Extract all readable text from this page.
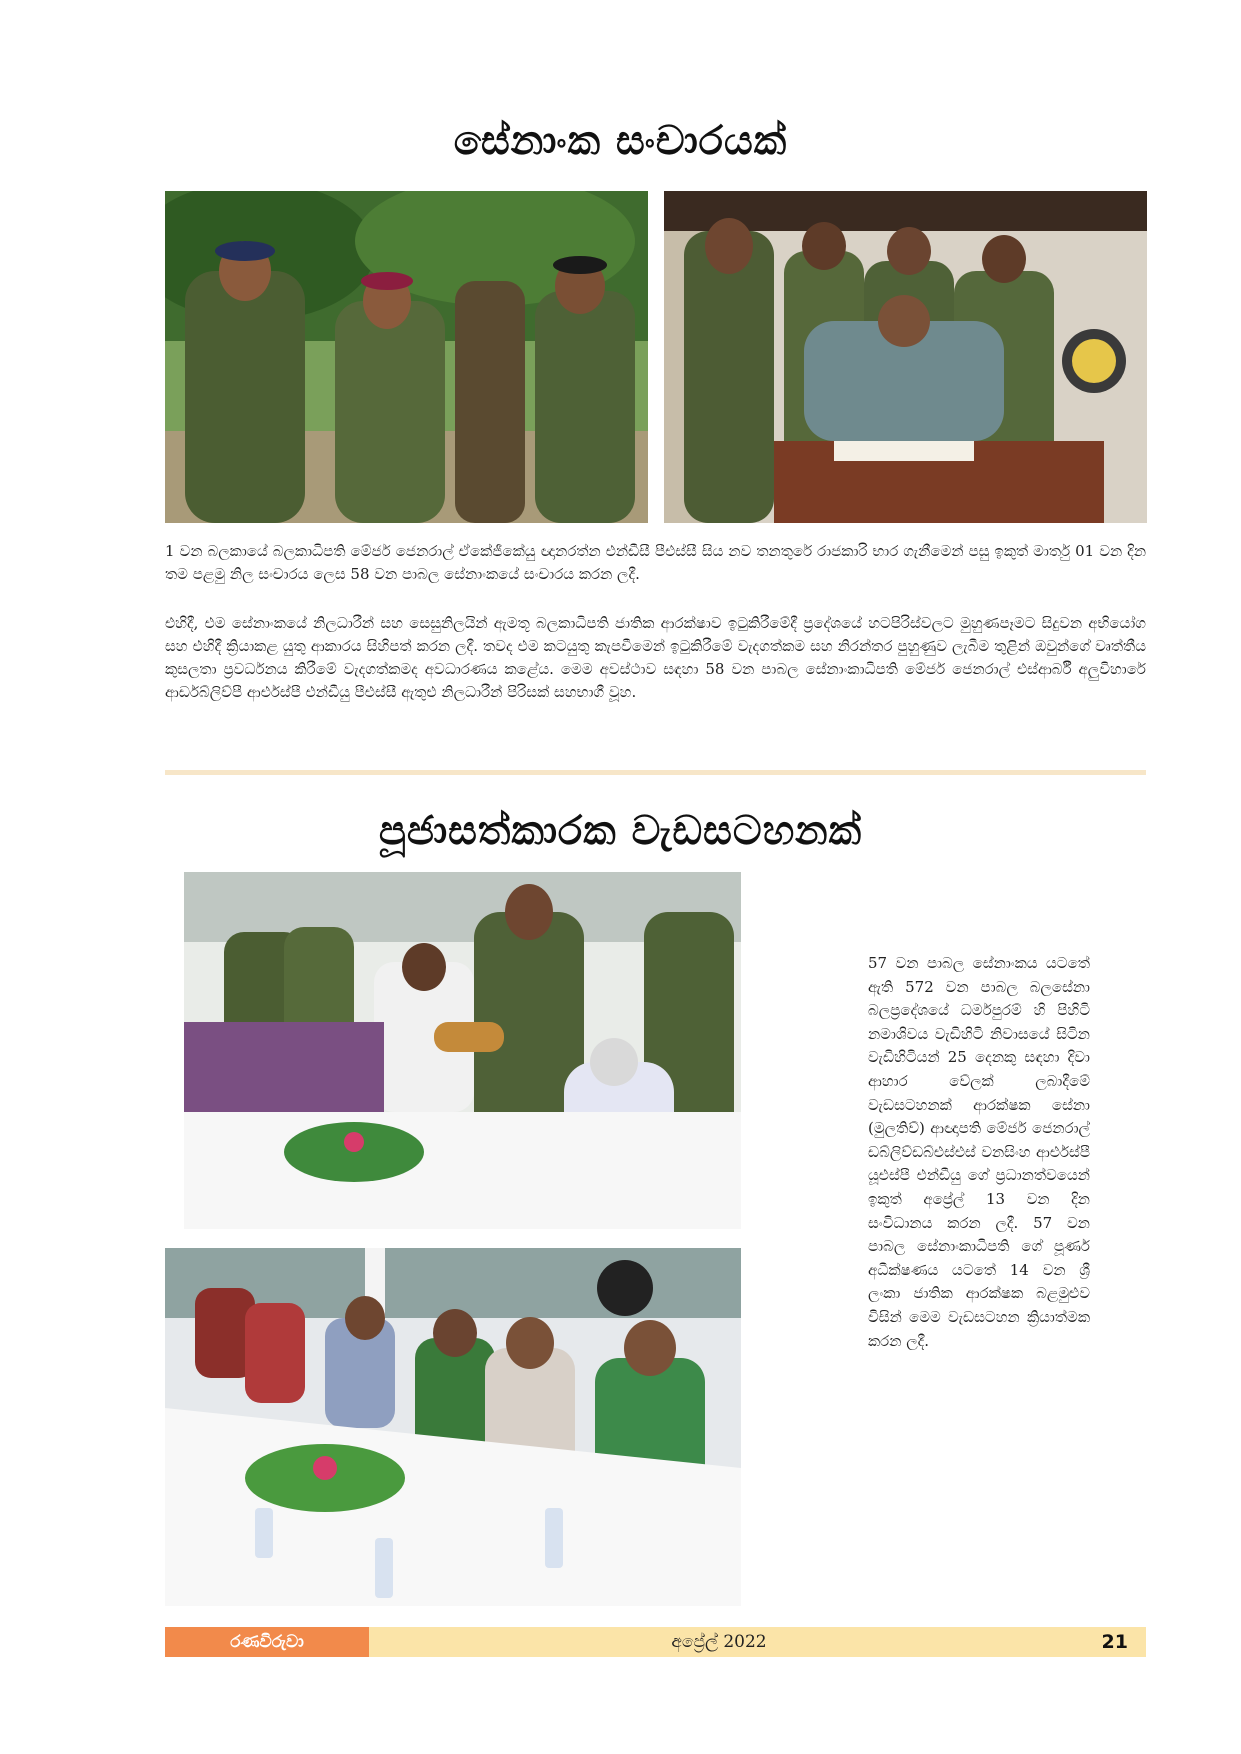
සේනාංක සංචාරයක්

1 වන බලකායේ බලකාධිපති මේජර් ජෙනරාල් ඒකේජීකේයු ඥානරත්න එන්ඩීසී පීඑස්සී සිය නව තනතුරේ රාජකාරි භාර ගැනීමෙන් පසු ඉකුත් මාර්තු 01 වන දින තම පළමු නිල සංචාරය ලෙස 58 වන පාබල සේනාංකයේ සංචාරය කරන ලදී.

එහිදී, එම සේනාංකයේ නිලධාරීන් සහ සෙසුනිලයින් ඇමතූ බලකාධිපති ජාතික ආරක්ෂාව ඉටුකිරීමේදී ප්‍රදේශයේ හටපිරිස්වලට මුහුණපෑමට සිදුවන අභියෝග සහ එහිදී ක්‍රියාකළ යුතු ආකාරය සිහිපත් කරන ලදී. තවද එම කටයුතු කැපවීමෙන් ඉටුකිරීමේ වැදගත්කම සහ නිරන්තර පුහුණුව ලැබීම තුළින් ඔවුන්ගේ වෘත්තීය කුසලතා ප්‍රවර්ධනය කිරීමේ වැදගත්කමද අවධාරණය කළේය. මෙම අවස්ථාව සඳහා 58 වන පාබල සේනාංකාධිපති මේජර් ජෙනරාල් එස්ආර්බී අලුවිහාරේ ආර්ඩබ්ලිව්පී ආර්එස්පී එන්ඩීයු පීඑස්සී ඇතුළු නිලධාරීන් පිරිසක් සහභාගී වූහ.

පූජාසත්කාරක වැඩසටහනක්

57 වන පාබල සේනාංකය යටතේ ඇති 572 වන පාබල බලසේනා බලප්‍රදේශයේ ධර්මපුරම් හි පිහිටි නමාශිවය වැඩිහිටි නිවාසයේ සිටින වැඩිහිටියන් 25 දෙනකු සඳහා දිවා ආහාර වේලක් ලබාදීමේ වැඩසටහනක් ආරක්ෂක සේනා (මුලතිව්) ආඥාපති මේජර් ජෙනරාල් ඩබ්ලිව්ඩබ්එස්එස් වනසිංහ ආර්එස්පී යූඑස්පී එන්ඩීයු ගේ ප්‍රධානත්වයෙන් ඉකුත් අප්‍රේල් 13 වන දින සංවිධානය කරන ලදී. 57 වන පාබල සේනාංකාධිපති ගේ පූර්ණ අධීක්ෂණය යටතේ 14 වන ශ්‍රී ලංකා ජාතික ආරක්ෂක බළමුළුව විසින් මෙම වැඩසටහන ක්‍රියාත්මක කරන ලදී.

රණවිරුවා	අප්‍රේල් 2022	21
